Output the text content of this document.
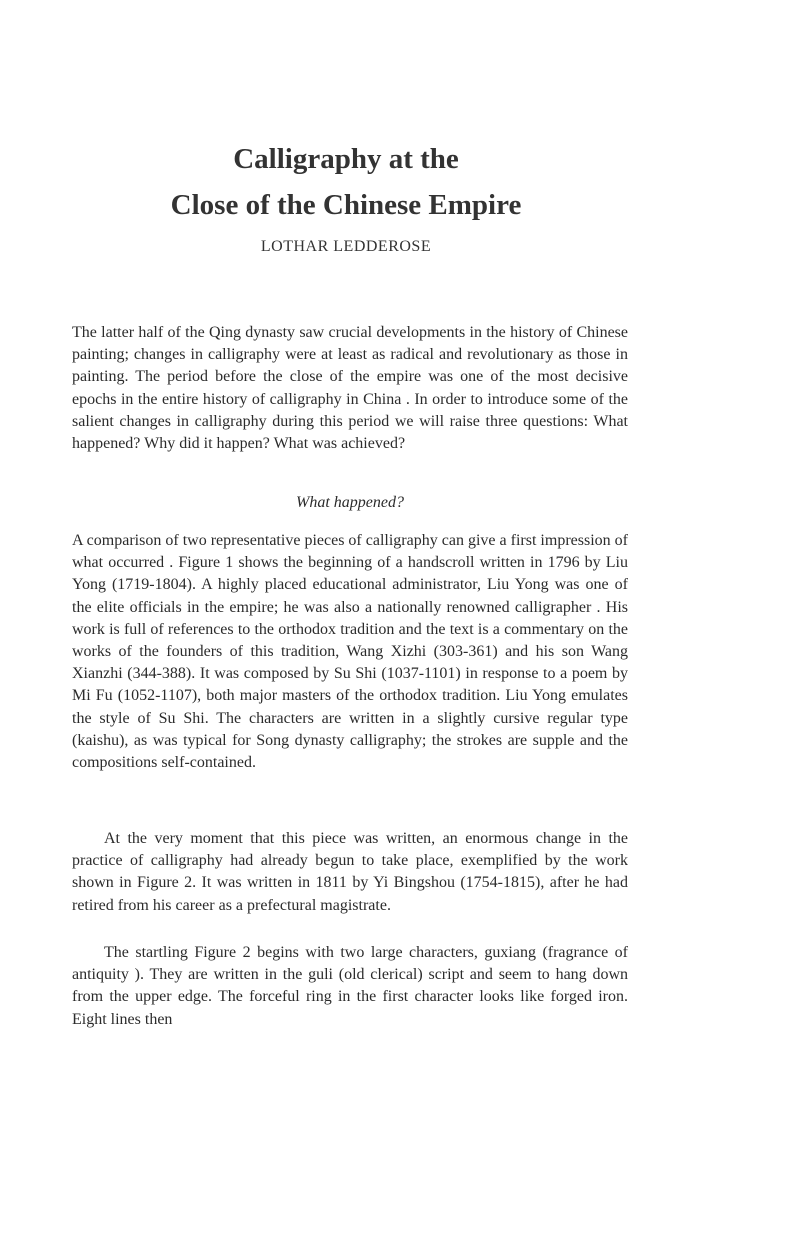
Calligraphy at the
Close of the Chinese Empire

LOTHAR LEDDEROSE

The latter half of the Qing dynasty saw crucial developments in the history of Chinese painting; changes in calligraphy were at least as radical and revolutionary as those in painting. The period before the close of the empire was one of the most decisive epochs in the entire history of calligraphy in China . In order to introduce some of the salient changes in calligraphy during this period we will raise three questions: What happened? Why did it happen? What was achieved?

What happened?

A comparison of two representative pieces of calligraphy can give a first impression of what occurred . Figure 1 shows the beginning of a handscroll written in 1796 by Liu Yong (1719-1804). A highly placed educational administrator, Liu Yong was one of the elite officials in the empire; he was also a nationally renowned calligrapher . His work is full of references to the orthodox tradition and the text is a commentary on the works of the founders of this tradition, Wang Xizhi (303-361) and his son Wang Xianzhi (344-388). It was composed by Su Shi (1037-1101) in response to a poem by Mi Fu (1052-1107), both major masters of the orthodox tradition. Liu Yong emulates the style of Su Shi. The characters are written in a slightly cursive regular type (kaishu), as was typical for Song dynasty calligraphy; the strokes are supple and the compositions self-contained.

At the very moment that this piece was written, an enormous change in the practice of calligraphy had already begun to take place, exemplified by the work shown in Figure 2. It was written in 1811 by Yi Bingshou (1754-1815), after he had retired from his career as a prefectural magistrate.

The startling Figure 2 begins with two large characters, guxiang (fragrance of antiquity ). They are written in the guli (old clerical) script and seem to hang down from the upper edge. The forceful ring in the first character looks like forged iron. Eight lines then
